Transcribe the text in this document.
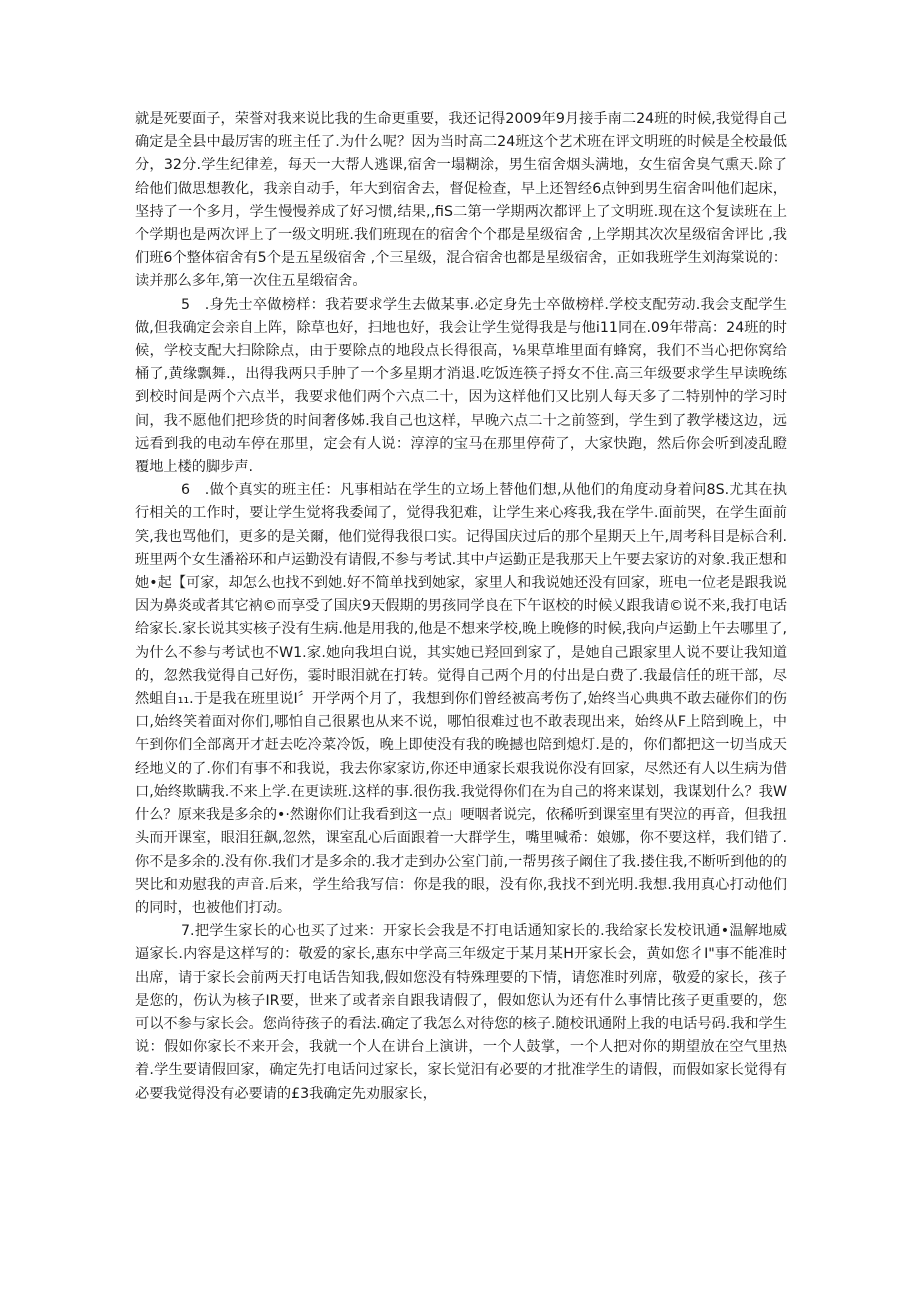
就是死要面子，荣誉对我来说比我的生命更重要，我还记得2009年9月接手南二24班的时候,我觉得自己确定是全县中最厉害的班主任了.为什么呢？因为当时高二24班这个艺术班在评文明班的时候是全校最低分，32分.学生纪律差，每天一大帮人逃课,宿舍一塌糊涂，男生宿舍烟头满地，女生宿舍臭气熏天.除了给他们做思想教化，我亲自动手，年大到宿舍去，督促检查，早上还智经6点钟到男生宿舍叫他们起床，坚持了一个多月，学生慢慢养成了好习惯,结果,,fiS二第一学期两次都评上了文明班.现在这个复读班在上个学期也是两次评上了一级文明班.我们班现在的宿舍个个郡是星级宿舍 ,上学期其次次星级宿舍评比 ,我们班6个整体宿舍有5个是五星级宿舍 ,个三星级，混合宿舍也都是星级宿舍，正如我班学生刘海棠说的：读并那么多年,第一次住五星缎宿舍。

5　.身先士卒做榜样：我若要求学生去做某事.必定身先士卒做榜样.学校支配劳动.我会支配学生做,但我确定会亲自上阵，除草也好，扫地也好，我会让学生觉得我是与他i11同在.09年带高：24班的时候，学校支配大扫除除点，由于要除点的地段点长得很高，⅛果草堆里面有蜂窝，我们不当心把你窝给桶了,黄缘飘舞.，出得我两只手肿了一个多星期才消退.吃饭连筷子捋女不住.高三年级要求学生早读晚练到校时间是两个六点半，我要求他们两个六点二十，因为这样他们又比别人每天多了二特别忡的学习时间，我不愿他们把珍货的时间奢侈姊.我自己也这样，早晚六点二十之前签到，学生到了教学楼这边，远远看到我的电动车停在那里，定会有人说：淳淳的宝马在那里停荷了，大家快跑，然后你会听到凌乱瞪覆地上楼的脚步声.

6　.做个真实的班主任：凡事相站在学生的立场上替他们想,从他们的角度动身着问8S.尤其在执行相关的工作时，要让学生觉将我委闻了，觉得我犯难，让学生来心疼我,我在学牛.面前哭，在学生面前笑,我也骂他们，更多的是关爾，他们觉得我很口实。记得国庆过后的那个星期天上午,周考科目是标合利.班里两个女生潘裕环和卢运勤没有请假,不参与考试.其中卢运勤正是我那天上午要去家访的对象.我正想和她•起【可家，却怎么也找不到她.好不简单找到她家，家里人和我说她还没有回家，班电一位老是跟我说因为鼻炎或者其它衲©而享受了国庆9天假期的男孩同学良在下午讴校的时候乂跟我请©说不来,我打电话给家长.家长说其实核子没有生病.他是用我的,他是不想来学校,晚上晚修的时候,我向卢运勤上午去哪里了,为什么不参与考试也不W1.家.她向我坦白说，其实她已羟回到家了，是她自己跟家里人说不要让我知道的，忽然我觉得自己好伤，霎时眼泪就在打转。觉得自己两个月的付出是白费了.我最信任的班干部，尽然蛆自₁₁.于是我在班里说I〞开学两个月了，我想到你们曾经被高考伤了,始终当心典典不敢去碰你们的伤口,始终笑着面对你们,哪怕自己很累也从来不说，哪怕很难过也不敢表现出来，始终从F上陪到晚上，中午到你们全部离开才赶去吃冷菜冷饭，晚上即使没有我的晚撼也陪到熄灯.是的，你们都把这一切当成天经地义的了.你们有事不和我说，我去你家家访,你还申通家长艰我说你没有回家，尽然还有人以生病为借口,始终欺瞒我.不来上学.在更读班.这样的事.很伤我.我觉得你们在为自己的将来谋划，我谋划什么？我W什么？原来我是多余的•·然谢你们让我看到这一点」哽咽者说完，依稀听到课室里有哭泣的再音，但我扭头而开课室，眼泪狂飙,忽然，课室乱心后面跟着一大群学生，嘴里喊希：娘娜，你不要这样，我们错了.你不是多余的.没有你.我们才是多余的.我才走到办公室门前,一帮男孩子阚住了我.搂住我,不断听到他的的哭比和劝慰我的声音.后来，学生给我写信：你是我的眼，没有你,我找不到光明.我想.我用真心打动他们的同时，也被他们打动。

7.把学生家长的心也买了过来：开家长会我是不打电话通知家长的.我给家长发校讯通•温解地威逼家长.内容是这样写的：敬爱的家长,惠东中学高三年级定于某月某H开家长会，黄如您彳I"事不能准时出席，请于家长会前两天打电话告知我,假如您没有特殊理要的下情，请您准时列席，敬爱的家长，孩子是您的，伤认为核子IR要，世来了或者亲自跟我请假了，假如您认为还有什么事情比孩子更重要的，您可以不参与家长会。您尚待孩子的看法.确定了我怎么对待您的核子.随校讯通附上我的电话号码.我和学生说：假如你家长不来开会，我就一个人在讲台上演讲，一个人鼓掌，一个人把对你的期望放在空气里热着.学生要请假回家，确定先打电话问过家长，家长觉汨有必要的才批准学生的请假，而假如家长觉得有必要我觉得没有必要请的£3我确定先劝服家长，
